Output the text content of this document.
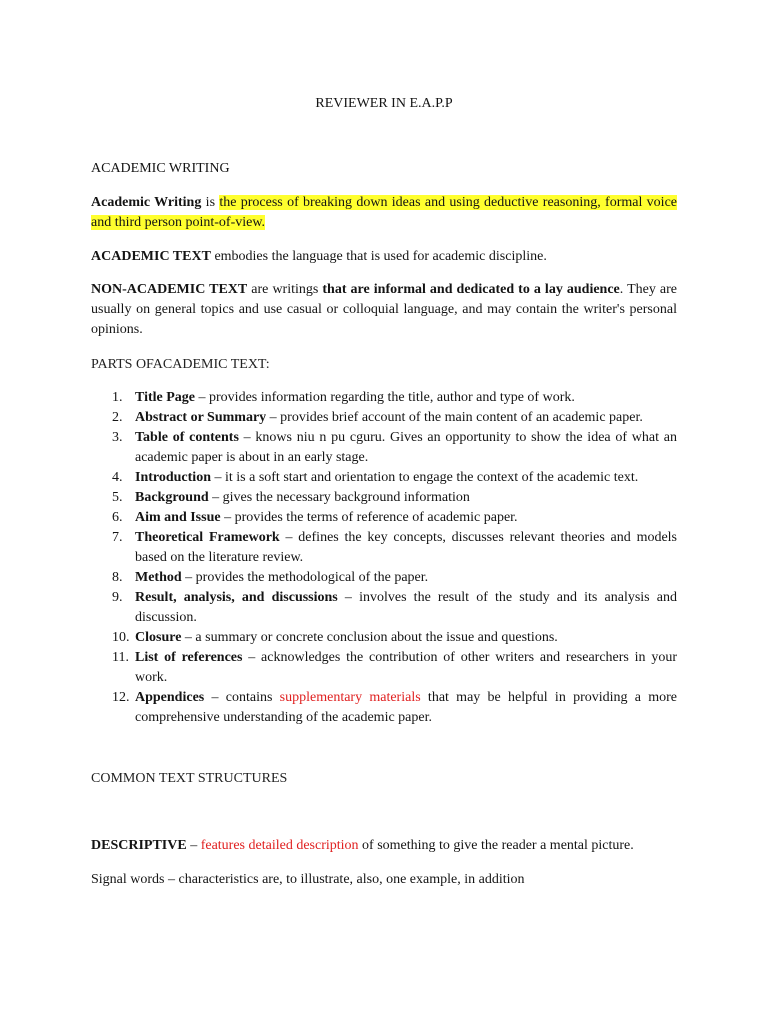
REVIEWER IN E.A.P.P
ACADEMIC WRITING
Academic Writing is the process of breaking down ideas and using deductive reasoning, formal voice and third person point-of-view.
ACADEMIC TEXT embodies the language that is used for academic discipline.
NON-ACADEMIC TEXT are writings that are informal and dedicated to a lay audience. They are usually on general topics and use casual or colloquial language, and may contain the writer's personal opinions.
PARTS OFACADEMIC TEXT:
1. Title Page – provides information regarding the title, author and type of work.
2. Abstract or Summary – provides brief account of the main content of an academic paper.
3. Table of contents – knows niu n pu cguru. Gives an opportunity to show the idea of what an academic paper is about in an early stage.
4. Introduction – it is a soft start and orientation to engage the context of the academic text.
5. Background – gives the necessary background information
6. Aim and Issue – provides the terms of reference of academic paper.
7. Theoretical Framework – defines the key concepts, discusses relevant theories and models based on the literature review.
8. Method – provides the methodological of the paper.
9. Result, analysis, and discussions – involves the result of the study and its analysis and discussion.
10. Closure – a summary or concrete conclusion about the issue and questions.
11. List of references – acknowledges the contribution of other writers and researchers in your work.
12. Appendices – contains supplementary materials that may be helpful in providing a more comprehensive understanding of the academic paper.
COMMON TEXT STRUCTURES
DESCRIPTIVE – features detailed description of something to give the reader a mental picture.
Signal words – characteristics are, to illustrate, also, one example, in addition
